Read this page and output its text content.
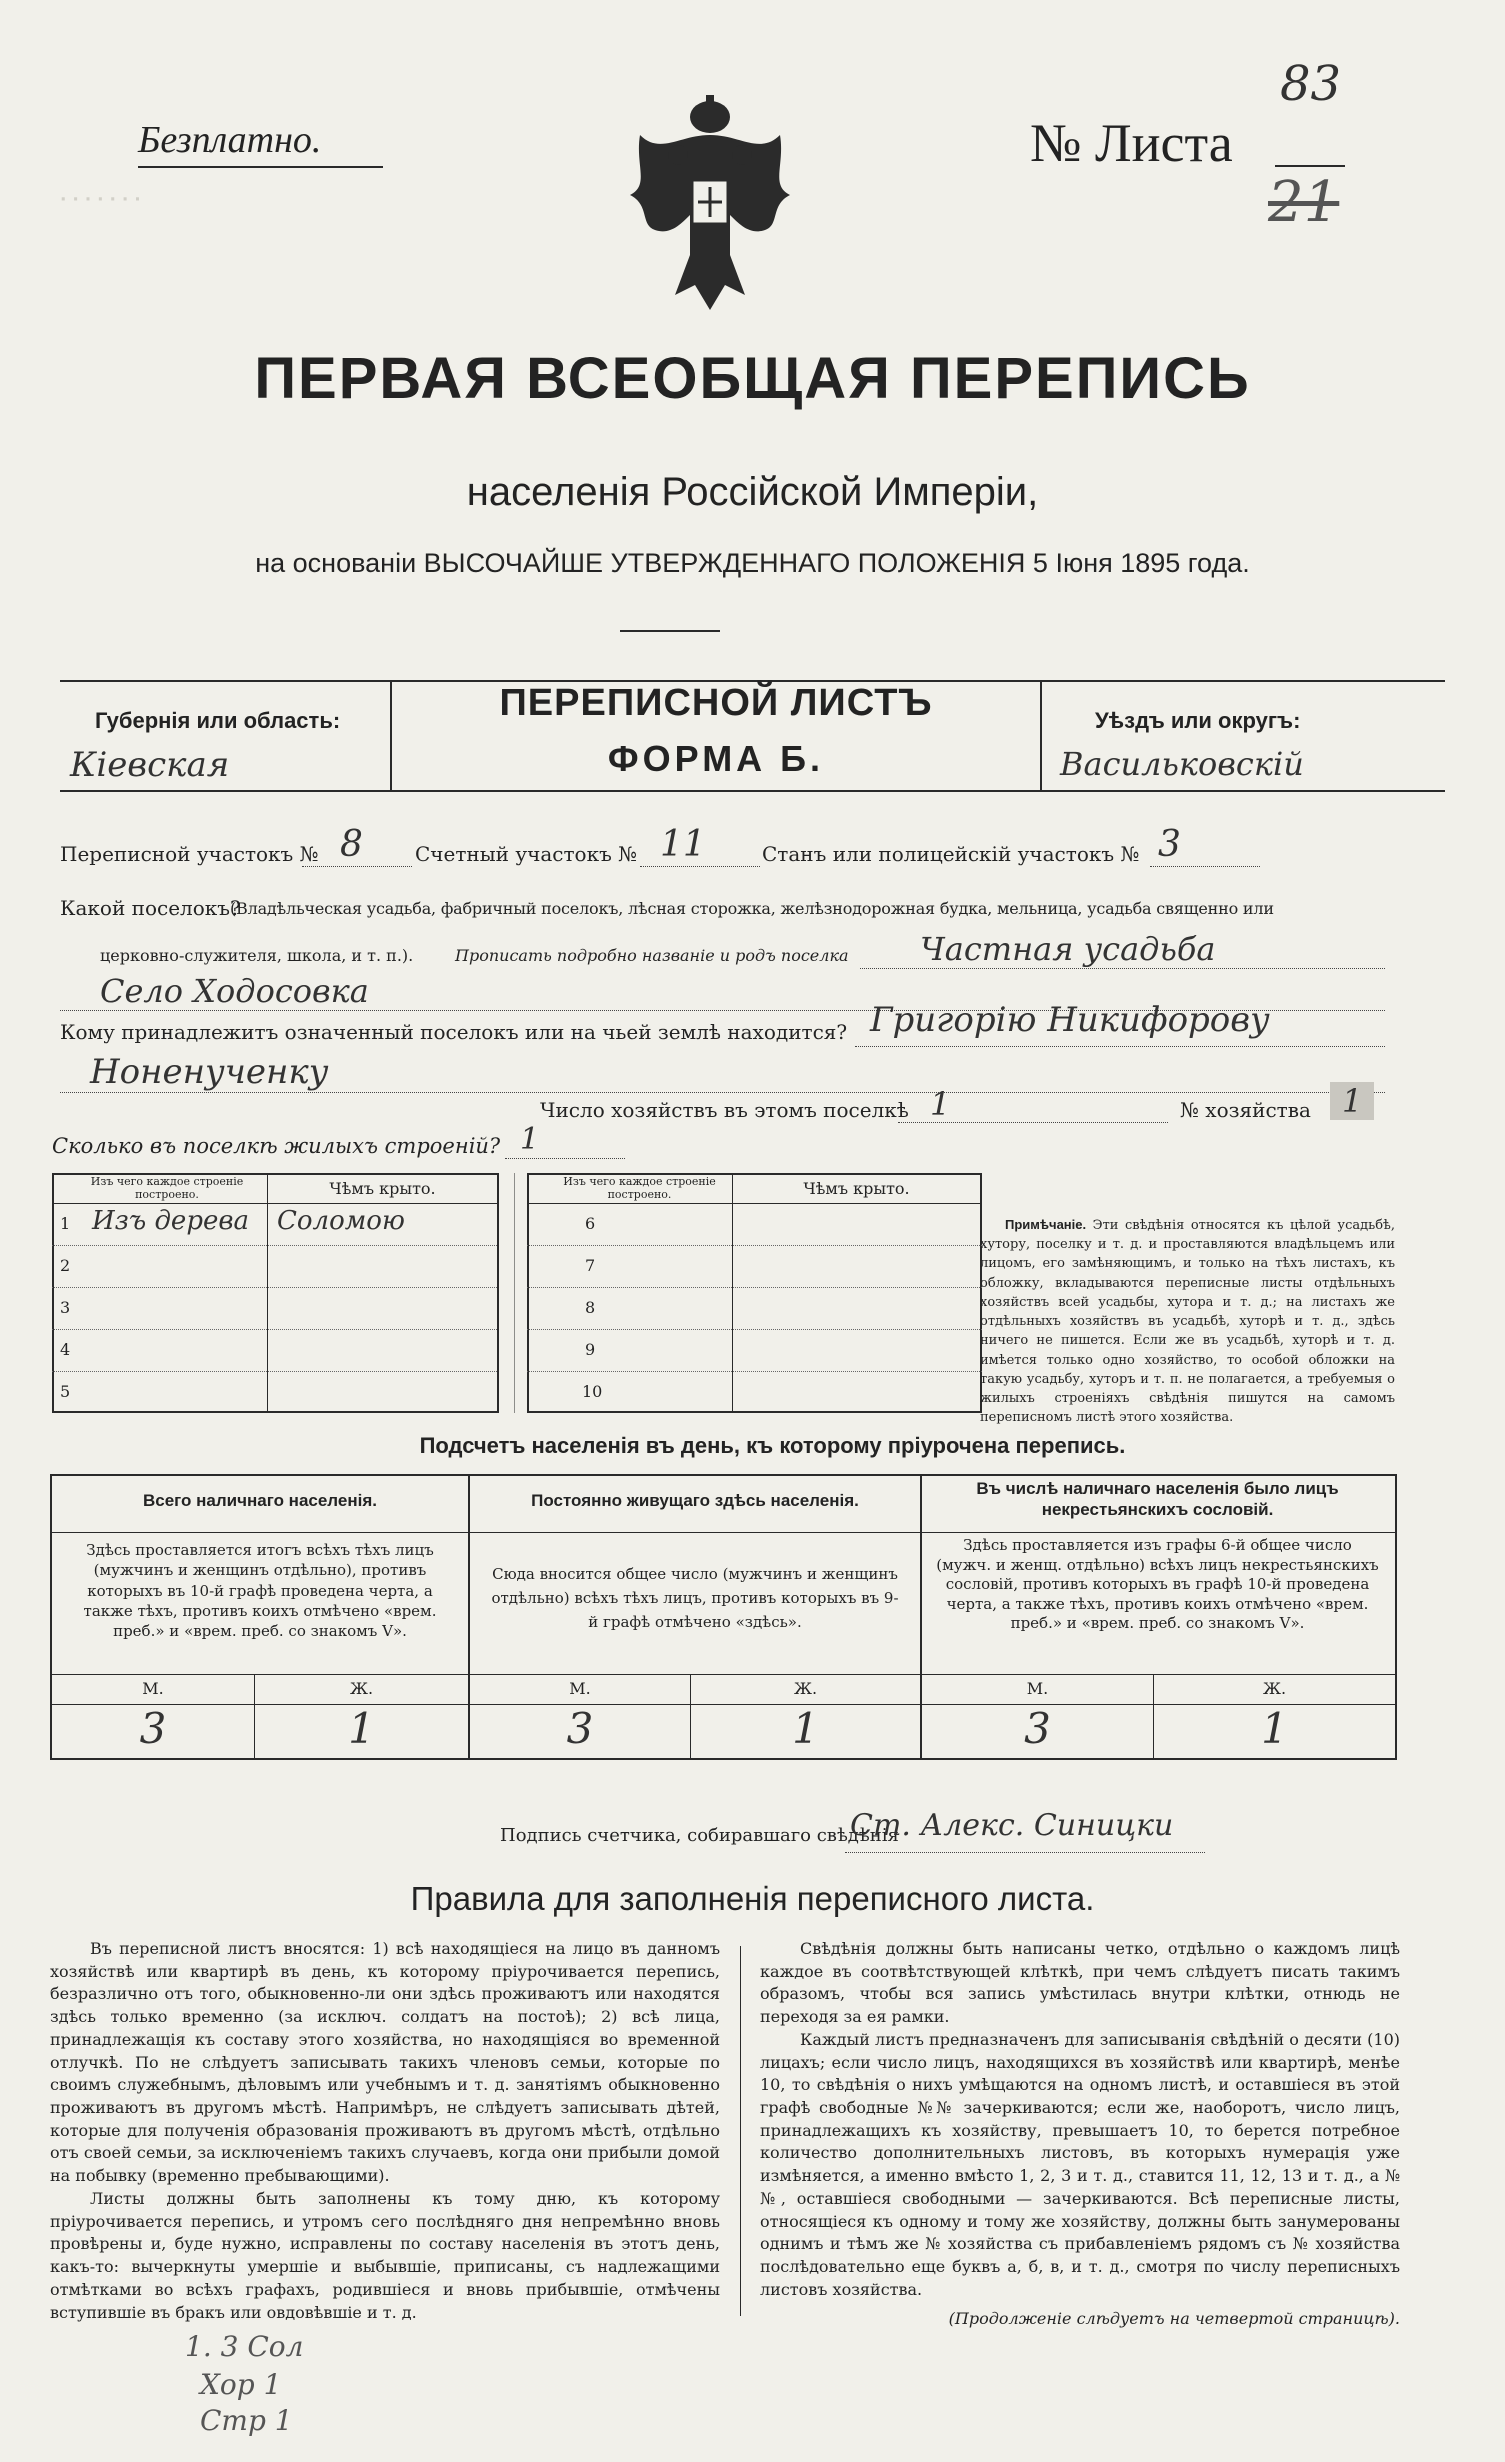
· · · · · · ·

Безплатно.	№ Листа
83
21
ПЕРВАЯ ВСЕОБЩАЯ ПЕРЕПИСЬ
населенія Россійской Имперіи,
на основаніи ВЫСОЧАЙШЕ УТВЕРЖДЕННАГО ПОЛОЖЕНІЯ 5 Іюня 1895 года.
Губернія или область:
Кіевская
ПЕРЕПИСНОЙ ЛИСТЪ
ФОРМА Б.
Уѣздъ или округъ:
Васильковскій
Переписной участокъ № 8	Счетный участокъ № 11	Станъ или полицейскій участокъ № 3
Какой поселокъ?
(Владѣльческая усадьба, фабричный поселокъ, лѣсная сторожка, желѣзнодорожная будка, мельница, усадьба священно или
церковно-служителя, школа, и т. п.).	Прописать подробно названіе и родъ поселка Частная усадьба
Село Ходосовка
Кому принадлежитъ означенный поселокъ или на чьей землѣ находится? Григорію Никифорову
Ноненученку
Число хозяйствъ въ этомъ поселкѣ 1	№ хозяйства 1
Сколько въ поселкѣ жилыхъ строеній? 1
Изъ чего каждое строеніе построено.	Чѣмъ крыто.	Изъ чего каждое строеніе построено.	Чѣмъ крыто.
1 Изъ дерева Соломою
2
3
4
5
6
7
8
9
10
Примѣчаніе. Эти свѣдѣнія относятся къ цѣлой усадьбѣ, хутору, поселку и т. д. и проставляются владѣльцемъ или лицомъ, его замѣняющимъ, и только на тѣхъ листахъ, къ обложку, вкладываются переписные листы отдѣльныхъ хозяйствъ всей усадьбы, хутора и т. д.; на листахъ же отдѣльныхъ хозяйствъ въ усадьбѣ, хуторѣ и т. д., здѣсь ничего не пишется. Если же въ усадьбѣ, хуторѣ и т. д. имѣется только одно хозяйство, то особой обложки на такую усадьбу, хуторъ и т. п. не полагается, а требуемыя о жилыхъ строеніяхъ свѣдѣнія пишутся на самомъ переписномъ листѣ этого хозяйства.
Подсчетъ населенія въ день, къ которому пріурочена перепись.
Всего наличнаго населенія.
Здѣсь проставляется итогъ всѣхъ тѣхъ лицъ (мужчинъ и женщинъ отдѣльно), противъ которыхъ въ 10-й графѣ проведена черта, а также тѣхъ, противъ коихъ отмѣчено «врем. преб.» и «врем. преб. со знакомъ V».
М.	Ж.
3	1
Постоянно живущаго здѣсь населенія.
Сюда вносится общее число (мужчинъ и женщинъ отдѣльно) всѣхъ тѣхъ лицъ, противъ которыхъ въ 9-й графѣ отмѣчено «здѣсь».
М.	Ж.
3	1
Въ числѣ наличнаго населенія было лицъ некрестьянскихъ сословій.
Здѣсь проставляется изъ графы 6-й общее число (мужч. и женщ. отдѣльно) всѣхъ лицъ некрестьянскихъ сословій, противъ которыхъ въ графѣ 10-й проведена черта, а также тѣхъ, противъ коихъ отмѣчено «врем. преб.» и «врем. преб. со знакомъ V».
М.	Ж.
3	1
Подпись счетчика, собиравшаго свѣдѣнія
Ст. Алекс. Синицки
Правила для заполненія переписного листа.
Въ переписной листъ вносятся: 1) всѣ находящіеся на лицо въ данномъ хозяйствѣ или квартирѣ въ день, къ которому пріурочивается перепись, безразлично отъ того, обыкновенно-ли они здѣсь проживаютъ или находятся здѣсь только временно (за исключ. солдатъ на постоѣ); 2) всѣ лица, принадлежащія къ составу этого хозяйства, но находящіяся во временной отлучкѣ. По не слѣдуетъ записывать такихъ членовъ семьи, которые по своимъ служебнымъ, дѣловымъ или учебнымъ и т. д. занятіямъ обыкновенно проживаютъ въ другомъ мѣстѣ. Напримѣръ, не слѣдуетъ записывать дѣтей, которые для полученія образованія проживаютъ въ другомъ мѣстѣ, отдѣльно отъ своей семьи, за исключеніемъ такихъ случаевъ, когда они прибыли домой на побывку (временно пребывающими).
Листы должны быть заполнены къ тому дню, къ которому пріурочивается перепись, и утромъ сего послѣдняго дня непремѣнно вновь провѣрены и, буде нужно, исправлены по составу населенія въ этотъ день, какъ-то: вычеркнуты умершіе и выбывшіе, приписаны, съ надлежащими отмѣтками во всѣхъ графахъ, родившіеся и вновь прибывшіе, отмѣчены вступившіе въ бракъ или овдовѣвшіе и т. д.
Свѣдѣнія должны быть написаны четко, отдѣльно о каждомъ лицѣ каждое въ соотвѣтствующей клѣткѣ, при чемъ слѣдуетъ писать такимъ образомъ, чтобы вся запись умѣстилась внутри клѣтки, отнюдь не переходя за ея рамки.
Каждый листъ предназначенъ для записыванія свѣдѣній о десяти (10) лицахъ; если число лицъ, находящихся въ хозяйствѣ или квартирѣ, менѣе 10, то свѣдѣнія о нихъ умѣщаются на одномъ листѣ, и оставшіеся въ этой графѣ свободные №№ зачеркиваются; если же, наоборотъ, число лицъ, принадлежащихъ къ хозяйству, превышаетъ 10, то берется потребное количество дополнительныхъ листовъ, въ которыхъ нумерація уже измѣняется, а именно вмѣсто 1, 2, 3 и т. д., ставится 11, 12, 13 и т. д., а №№, оставшіеся свободными — зачеркиваются. Всѣ переписные листы, относящіеся къ одному и тому же хозяйству, должны быть занумерованы однимъ и тѣмъ же № хозяйства съ прибавленіемъ рядомъ съ № хозяйства послѣдовательно еще буквъ а, б, в, и т. д., смотря по числу переписныхъ листовъ хозяйства.
(Продолженіе слѣдуетъ на четвертой страницѣ).
1. 3 Сол
Хор 1
Стр 1
